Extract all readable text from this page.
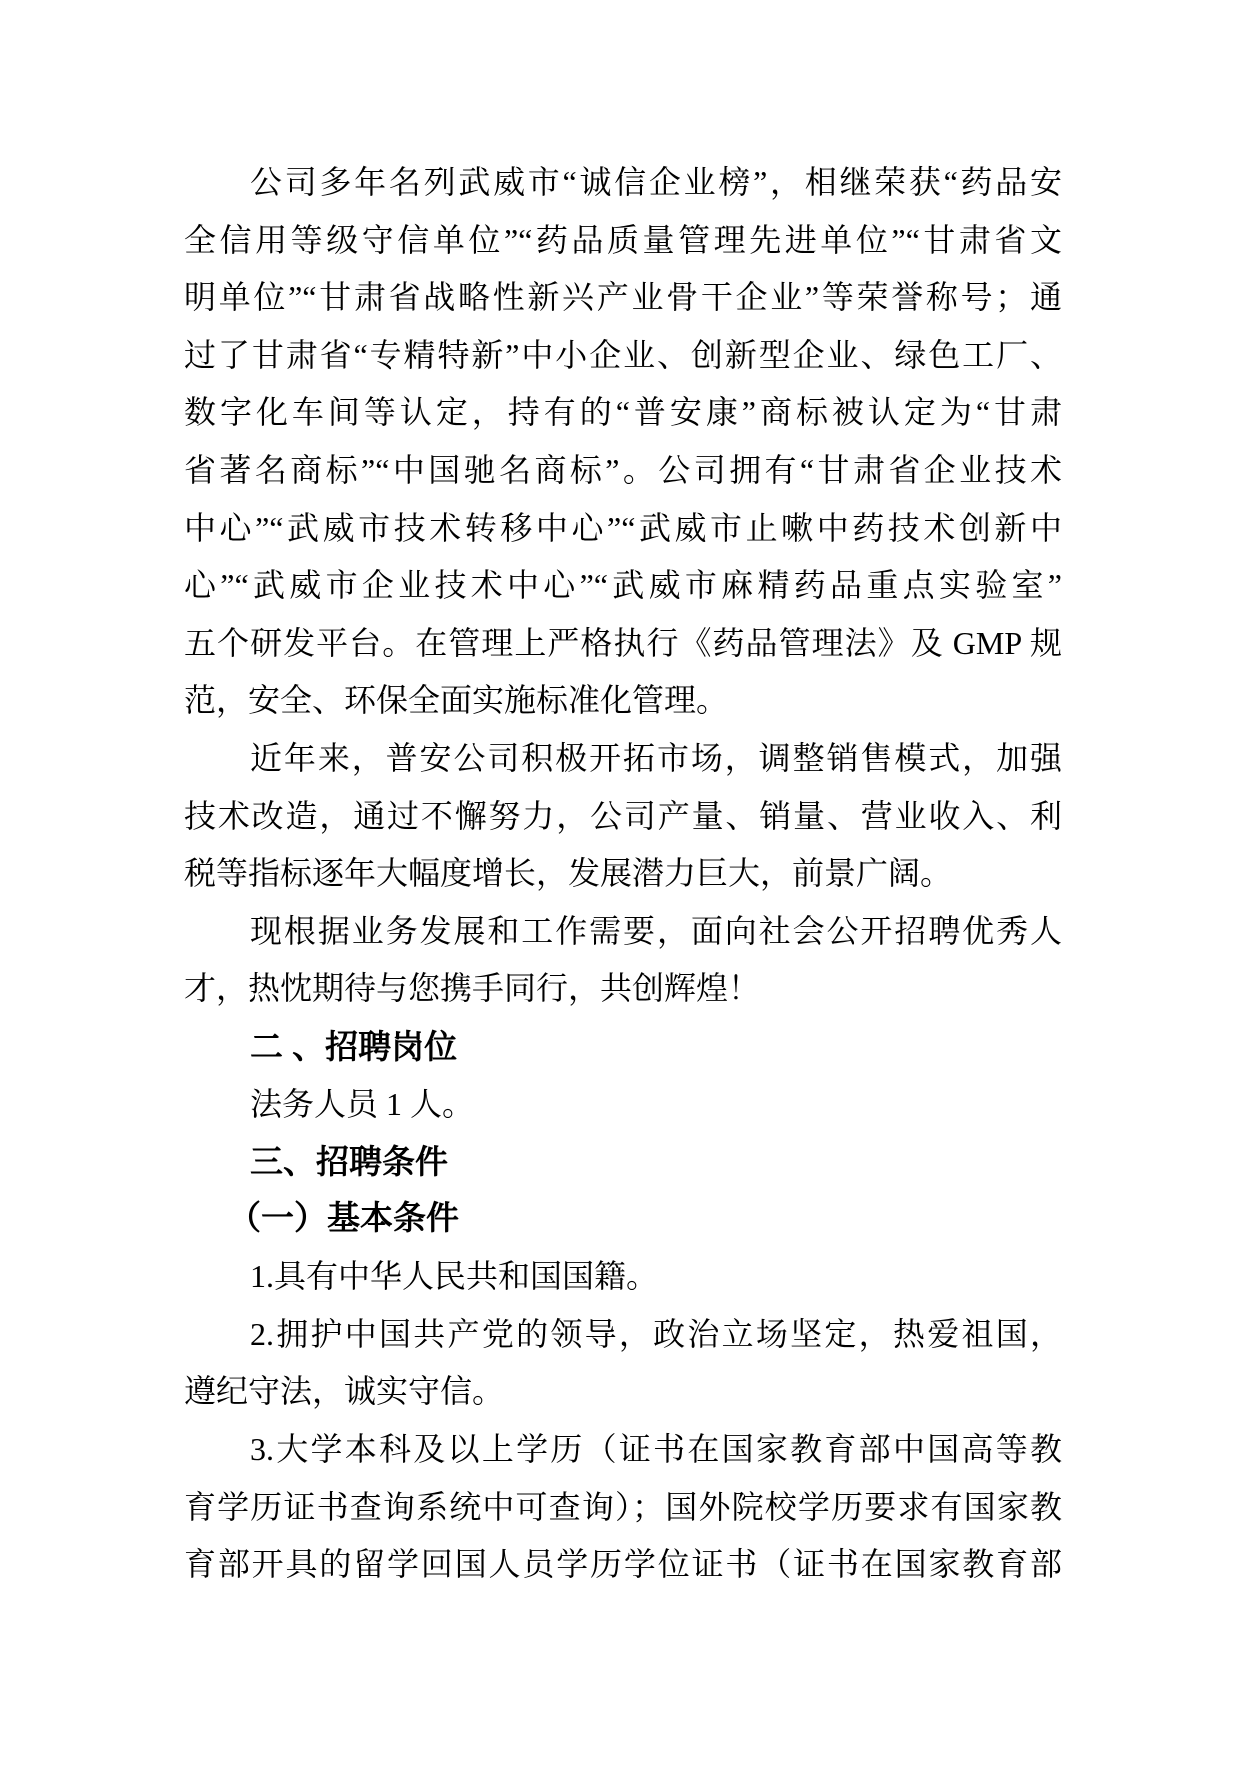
公司多年名列武威市“诚信企业榜”，相继荣获“药品安
全信用等级守信单位”“药品质量管理先进单位”“甘肃省文
明单位”“甘肃省战略性新兴产业骨干企业”等荣誉称号；通
过了甘肃省“专精特新”中小企业、创新型企业、绿色工厂、
数字化车间等认定，持有的“普安康”商标被认定为“甘肃
省著名商标”“中国驰名商标”。公司拥有“甘肃省企业技术
中心”“武威市技术转移中心”“武威市止嗽中药技术创新中
心”“武威市企业技术中心”“武威市麻精药品重点实验室”
五个研发平台。在管理上严格执行《药品管理法》及 GMP 规
范，安全、环保全面实施标准化管理。
近年来，普安公司积极开拓市场，调整销售模式，加强
技术改造，通过不懈努力，公司产量、销量、营业收入、利
税等指标逐年大幅度增长，发展潜力巨大，前景广阔。
现根据业务发展和工作需要，面向社会公开招聘优秀人
才，热忱期待与您携手同行，共创辉煌！
二 、招聘岗位
法务人员 1 人。
三、招聘条件
（一）基本条件
1.具有中华人民共和国国籍。
2.拥护中国共产党的领导，政治立场坚定，热爱祖国，
遵纪守法，诚实守信。
3.大学本科及以上学历（证书在国家教育部中国高等教
育学历证书查询系统中可查询）；国外院校学历要求有国家教
育部开具的留学回国人员学历学位证书（证书在国家教育部
